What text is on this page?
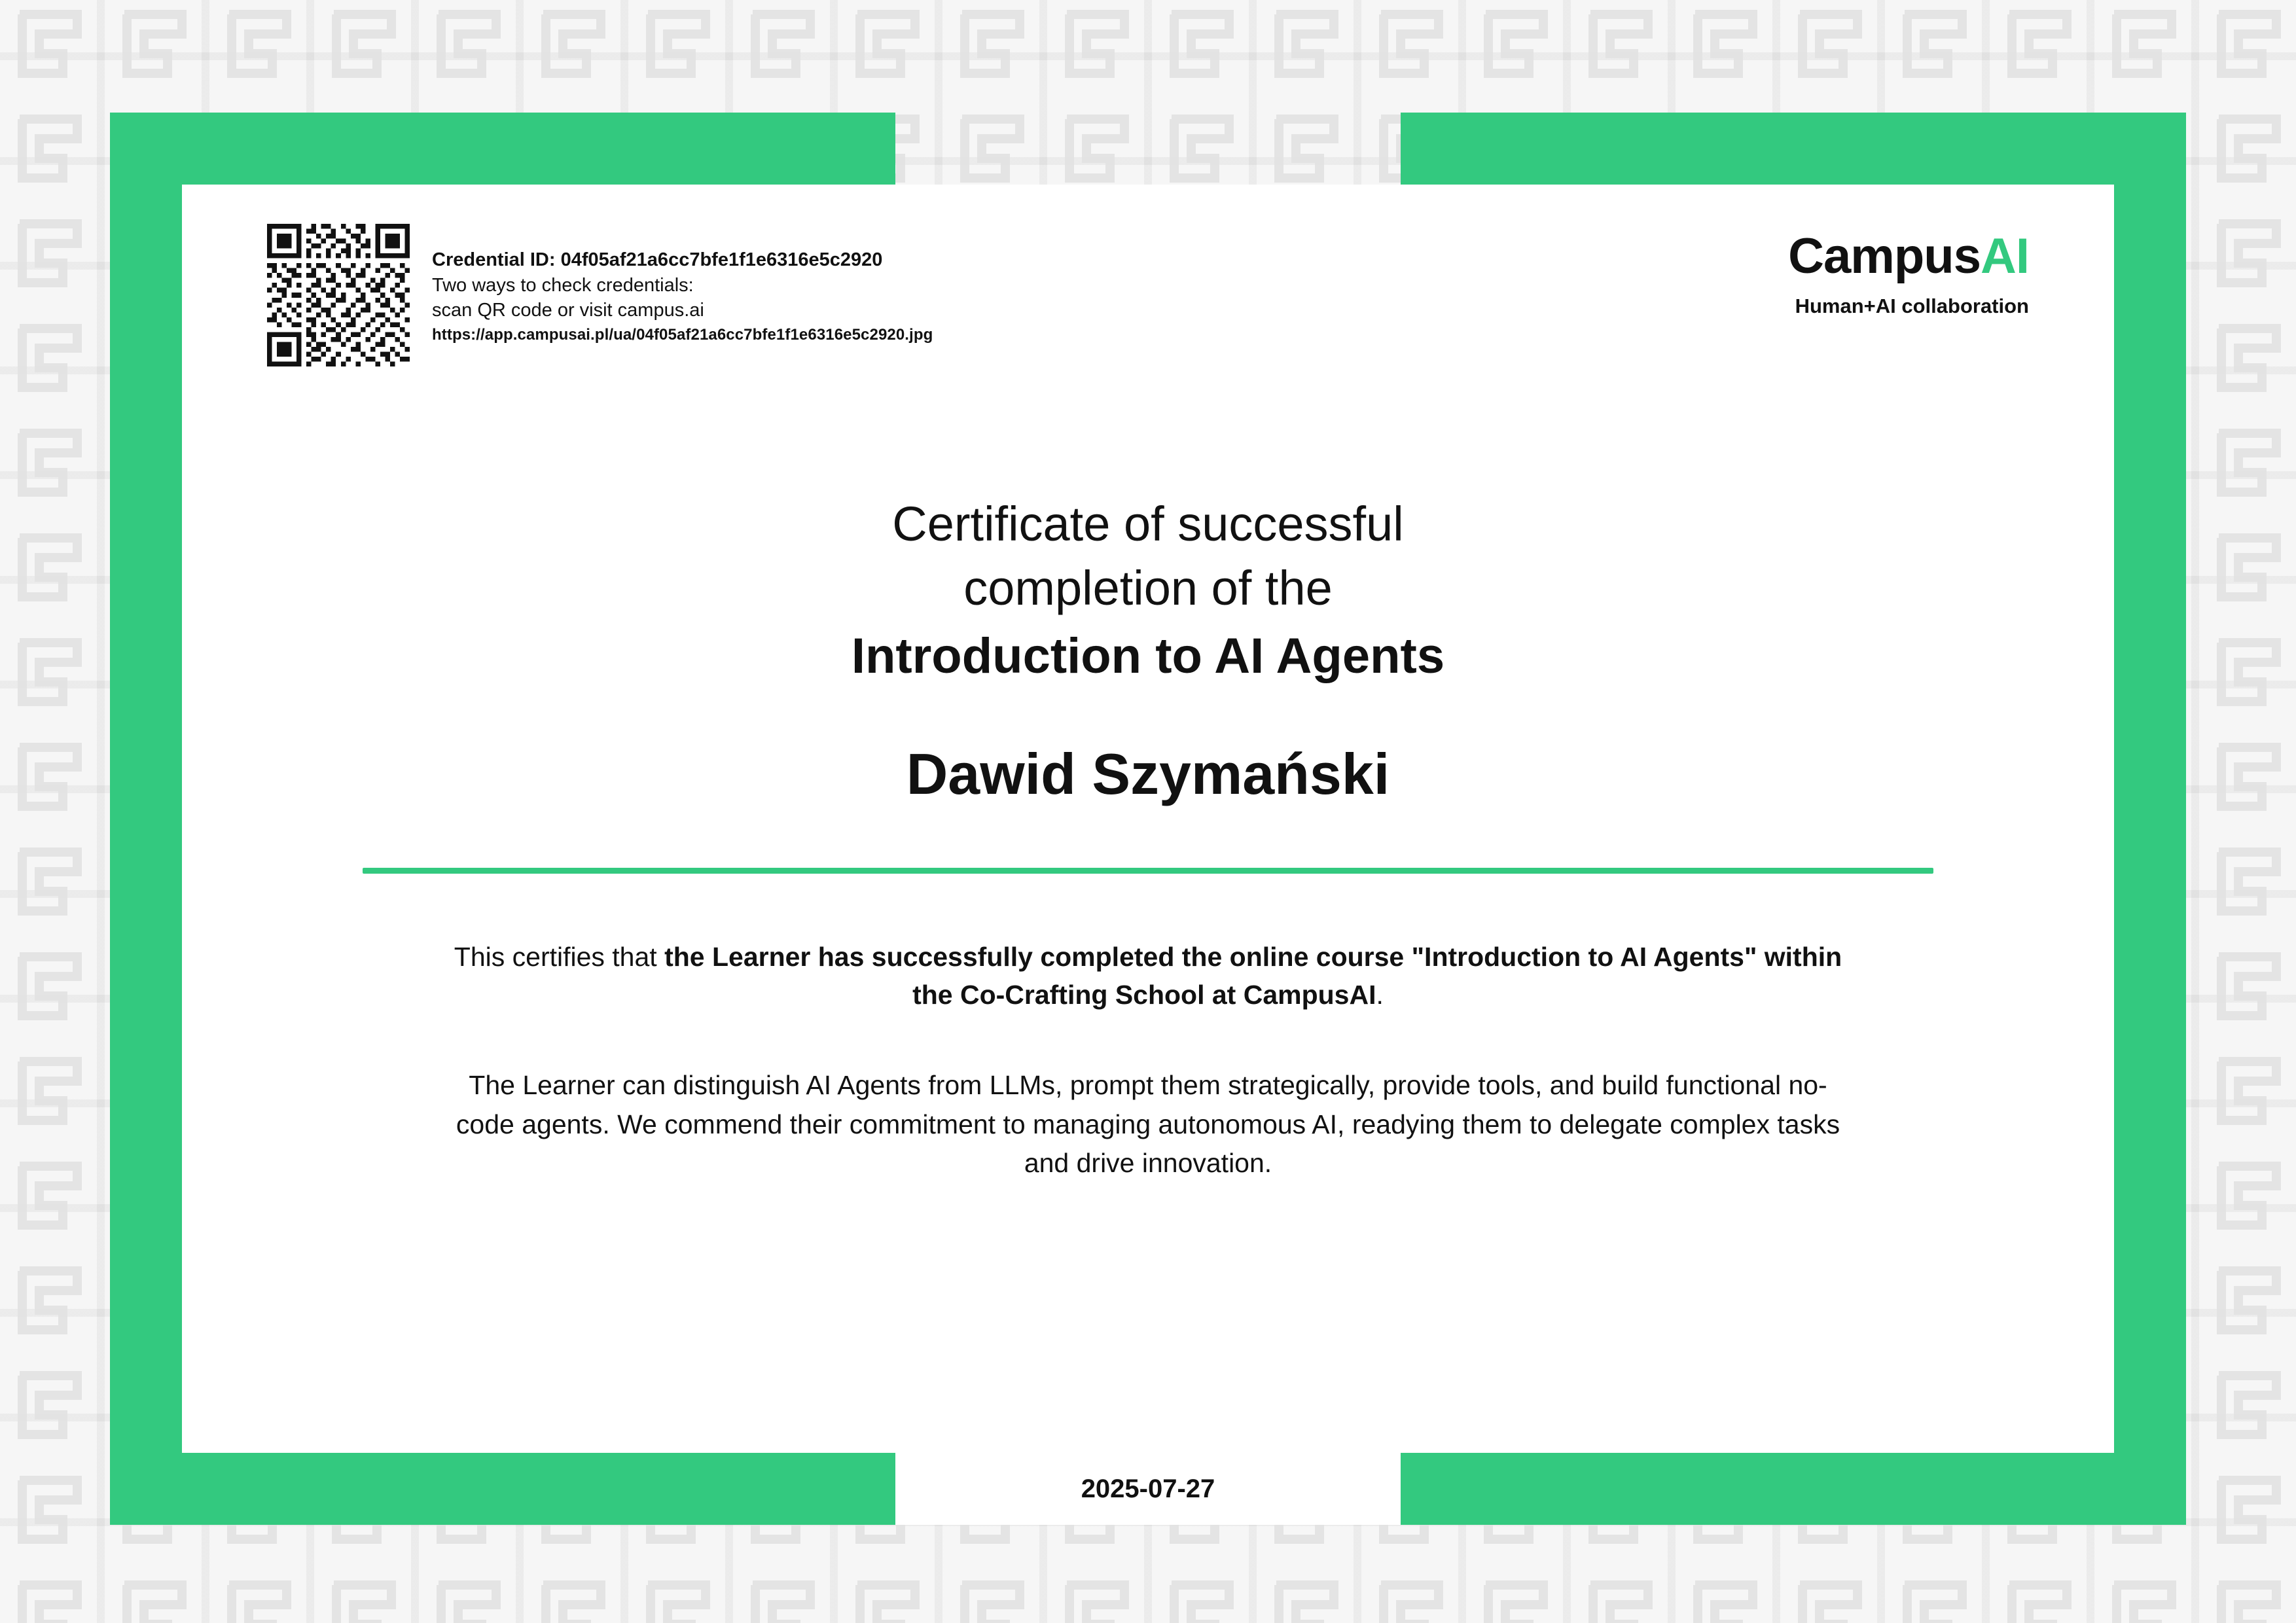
Credential ID: 04f05af21a6cc7bfe1f1e6316e5c2920
Two ways to check credentials:
scan QR code or visit campus.ai
https://app.campusai.pl/ua/04f05af21a6cc7bfe1f1e6316e5c2920.jpg
CampusAI
Human+AI collaboration
Certificate of successful
completion of the
Introduction to AI Agents
Dawid Szymański
This certifies that the Learner has successfully completed the online course "Introduction to AI Agents" within the Co-Crafting School at CampusAI.
The Learner can distinguish AI Agents from LLMs, prompt them strategically, provide tools, and build functional no-code agents. We commend their commitment to managing autonomous AI, readying them to delegate complex tasks and drive innovation.
2025-07-27
